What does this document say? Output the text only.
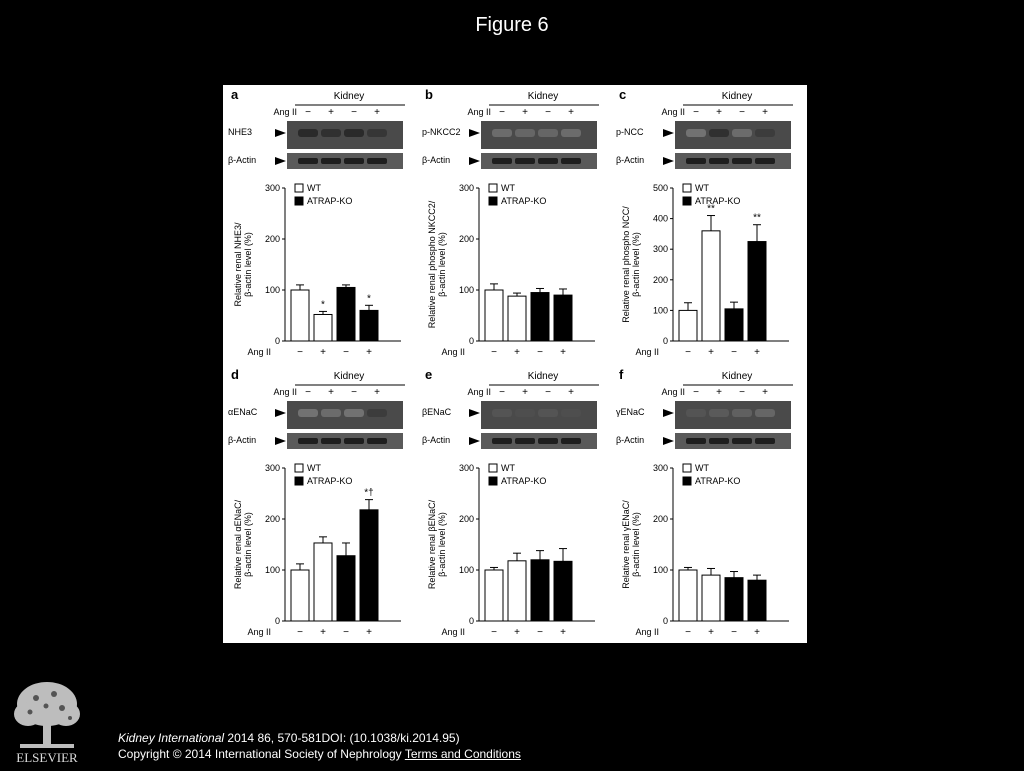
Figure 6
a	Kidney
Ang II − + − +
NHE3
β-Actin
0
100
200
300
Relative renal NHE3/ β-actin level (%)
WT
ATRAP-KO
*
*
Ang II	− + − +
b	Kidney
Ang II − + − +
p-NKCC2
β-Actin
0
100
200
300
Relative renal phospho NKCC2/ β-actin level (%)
WT
ATRAP-KO
Ang II	− + − +
c	Kidney
Ang II − + − +
p-NCC
β-Actin
0
100
200
300
400
500
Relative renal phospho NCC/ β-actin level (%)
WT
ATRAP-KO
**
**
Ang II	− + − +
d	Kidney
Ang II − + − +
αENaC
β-Actin
0
100
200
300
Relative renal αENaC/ β-actin level (%)
WT
ATRAP-KO
*†
Ang II	− + − +
e	Kidney
Ang II − + − +
βENaC
β-Actin
0
100
200
300
Relative renal βENaC/ β-actin level (%)
WT
ATRAP-KO
Ang II	− + − +
f	Kidney
Ang II − + − +
γENaC
β-Actin
0
100
200
300
Relative renal γENaC/ β-actin level (%)
WT
ATRAP-KO
Ang II	− + − +
ELSEVIER
Kidney International 2014 86, 570-581DOI: (10.1038/ki.2014.95)
Copyright © 2014 International Society of Nephrology Terms and Conditions
